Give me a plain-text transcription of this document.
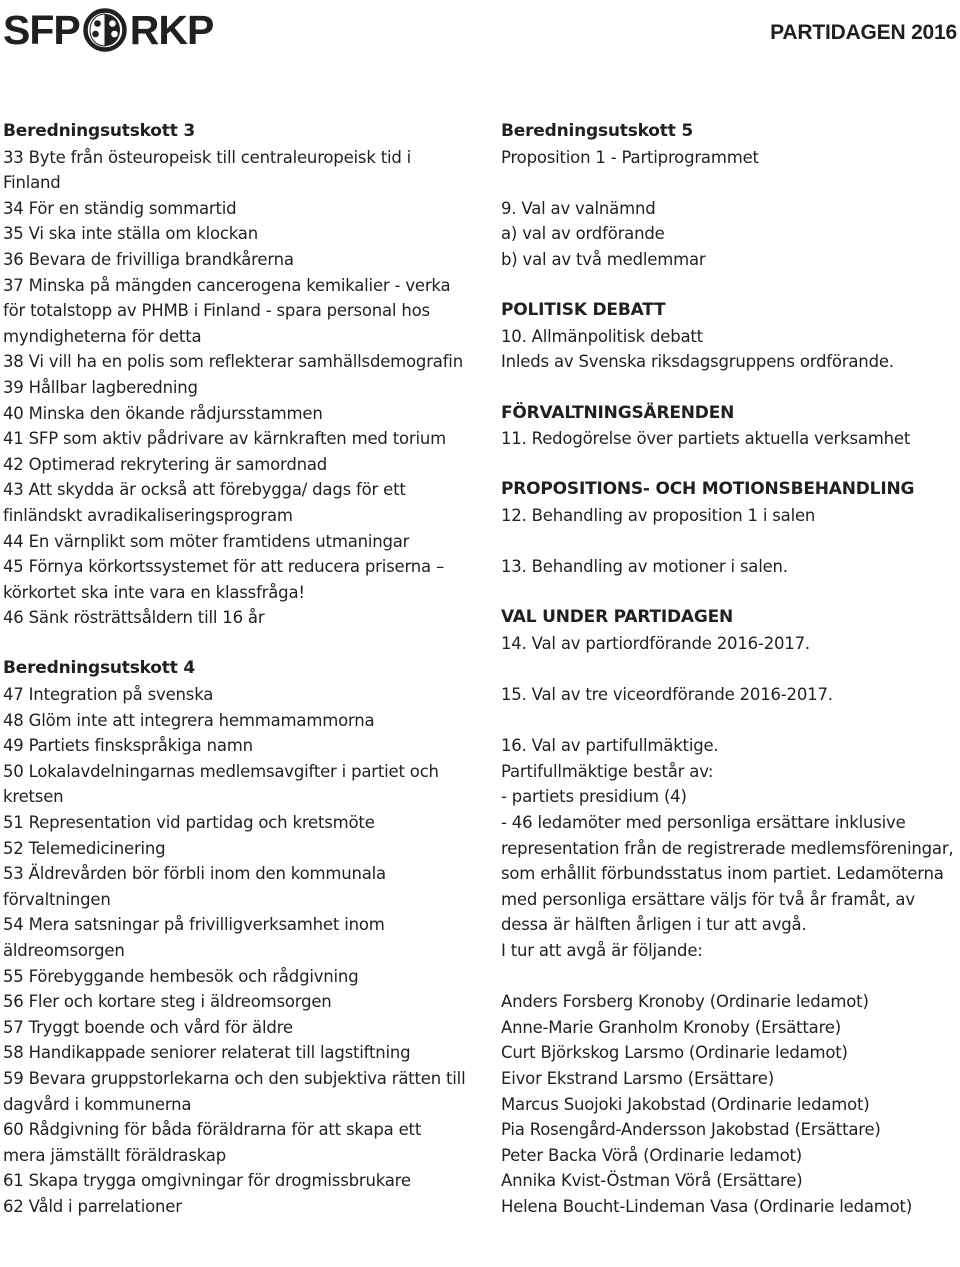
SFP RKP	PARTIDAGEN 2016
Beredningsutskott 3

33 Byte från östeuropeisk till centraleuropeisk tid i Finland

34 För en ständig sommartid

35 Vi ska inte ställa om klockan

36 Bevara de frivilliga brandkårerna

37 Minska på mängden cancerogena kemikalier - verka för totalstopp av PHMB i Finland - spara personal hos myndigheterna för detta

38 Vi vill ha en polis som reflekterar samhällsdemografin

39 Hållbar lagberedning

40 Minska den ökande rådjursstammen

41 SFP som aktiv pådrivare av kärnkraften med torium

42 Optimerad rekrytering är samordnad

43 Att skydda är också att förebygga/ dags för ett finländskt avradikaliseringsprogram

44 En värnplikt som möter framtidens utmaningar

45 Förnya körkortssystemet för att reducera priserna – körkortet ska inte vara en klassfråga!

46 Sänk rösträttsåldern till 16 år

Beredningsutskott 4

47 Integration på svenska

48 Glöm inte att integrera hemmamammorna

49 Partiets finskspråkiga namn

50 Lokalavdelningarnas medlemsavgifter i partiet och kretsen

51 Representation vid partidag och kretsmöte

52 Telemedicinering

53 Äldrevården bör förbli inom den kommunala förvaltningen

54 Mera satsningar på frivilligverksamhet inom äldreomsorgen

55 Förebyggande hembesök och rådgivning

56 Fler och kortare steg i äldreomsorgen

57 Tryggt boende och vård för äldre

58 Handikappade seniorer relaterat till lagstiftning

59 Bevara gruppstorlekarna och den subjektiva rätten till dagvård i kommunerna

60 Rådgivning för båda föräldrarna för att skapa ett mera jämställt föräldraskap

61 Skapa trygga omgivningar för drogmissbrukare

62 Våld i parrelationer

Beredningsutskott 5

Proposition 1 - Partiprogrammet

9. Val av valnämnd

a) val av ordförande

b) val av två medlemmar

POLITISK DEBATT

10. Allmänpolitisk debatt

Inleds av Svenska riksdagsgruppens ordförande.

FÖRVALTNINGSÄRENDEN

11. Redogörelse över partiets aktuella verksamhet

PROPOSITIONS- OCH MOTIONSBEHANDLING

12. Behandling av proposition 1 i salen

13. Behandling av motioner i salen.

VAL UNDER PARTIDAGEN

14. Val av partiordförande 2016-2017.

15. Val av tre viceordförande 2016-2017.

16. Val av partifullmäktige.

Partifullmäktige består av:

- partiets presidium (4)

- 46 ledamöter med personliga ersättare inklusive representation från de registrerade medlemsföreningar, som erhållit förbundsstatus inom partiet. Ledamöterna med personliga ersättare väljs för två år framåt, av dessa är hälften årligen i tur att avgå.

I tur att avgå är följande:

Anders Forsberg Kronoby (Ordinarie ledamot)

Anne-Marie Granholm Kronoby (Ersättare)

Curt Björkskog Larsmo (Ordinarie ledamot)

Eivor Ekstrand Larsmo (Ersättare)

Marcus Suojoki Jakobstad (Ordinarie ledamot)

Pia Rosengård-Andersson Jakobstad (Ersättare)

Peter Backa Vörå (Ordinarie ledamot)

Annika Kvist-Östman Vörå (Ersättare)

Helena Boucht-Lindeman Vasa (Ordinarie ledamot)
